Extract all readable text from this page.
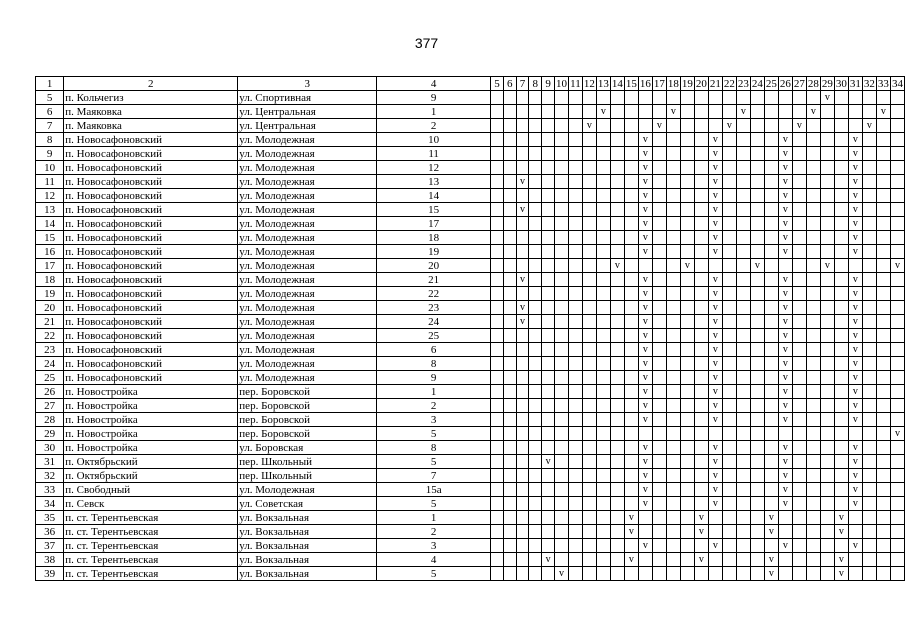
377
1	2	3	4	5	6	7	8	9	10	11	12	13	14	15	16	17	18	19	20	21	22	23	24	25	26	27	28	29	30	31	32	33	34
5	п. Кольчегиз	ул. Спортивная	9																									v					
6	п. Маяковка	ул. Центральная	1									v					v					v					v					v	
7	п. Маяковка	ул. Центральная	2								v					v					v					v					v		
8	п. Новосафоновский	ул. Молодежная	10												v					v					v					v			
9	п. Новосафоновский	ул. Молодежная	11												v					v					v					v			
10	п. Новосафоновский	ул. Молодежная	12												v					v					v					v			
11	п. Новосафоновский	ул. Молодежная	13			v									v					v					v					v			
12	п. Новосафоновский	ул. Молодежная	14												v					v					v					v			
13	п. Новосафоновский	ул. Молодежная	15			v									v					v					v					v			
14	п. Новосафоновский	ул. Молодежная	17												v					v					v					v			
15	п. Новосафоновский	ул. Молодежная	18												v					v					v					v			
16	п. Новосафоновский	ул. Молодежная	19												v					v					v					v			
17	п. Новосафоновский	ул. Молодежная	20										v					v					v					v					v
18	п. Новосафоновский	ул. Молодежная	21			v									v					v					v					v			
19	п. Новосафоновский	ул. Молодежная	22												v					v					v					v			
20	п. Новосафоновский	ул. Молодежная	23			v									v					v					v					v			
21	п. Новосафоновский	ул. Молодежная	24			v									v					v					v					v			
22	п. Новосафоновский	ул. Молодежная	25												v					v					v					v			
23	п. Новосафоновский	ул. Молодежная	6												v					v					v					v			
24	п. Новосафоновский	ул. Молодежная	8												v					v					v					v			
25	п. Новосафоновский	ул. Молодежная	9												v					v					v					v			
26	п. Новостройка	пер. Боровской	1												v					v					v					v			
27	п. Новостройка	пер. Боровской	2												v					v					v					v			
28	п. Новостройка	пер. Боровской	3												v					v					v					v			
29	п. Новостройка	пер. Боровской	5																														v
30	п. Новостройка	ул. Боровская	8												v					v					v					v			
31	п. Октябрьский	пер. Школьный	5					v							v					v					v					v			
32	п. Октябрьский	пер. Школьный	7												v					v					v					v			
33	п. Свободный	ул. Молодежная	15а												v					v					v					v			
34	п. Севск	ул. Советская	5												v					v					v					v			
35	п. ст. Терентьевская	ул. Вокзальная	1											v					v					v					v				
36	п. ст. Терентьевская	ул. Вокзальная	2											v					v					v					v				
37	п. ст. Терентьевская	ул. Вокзальная	3												v					v					v					v			
38	п. ст. Терентьевская	ул. Вокзальная	4					v						v					v					v					v				
39	п. ст. Терентьевская	ул. Вокзальная	5						v															v					v				
